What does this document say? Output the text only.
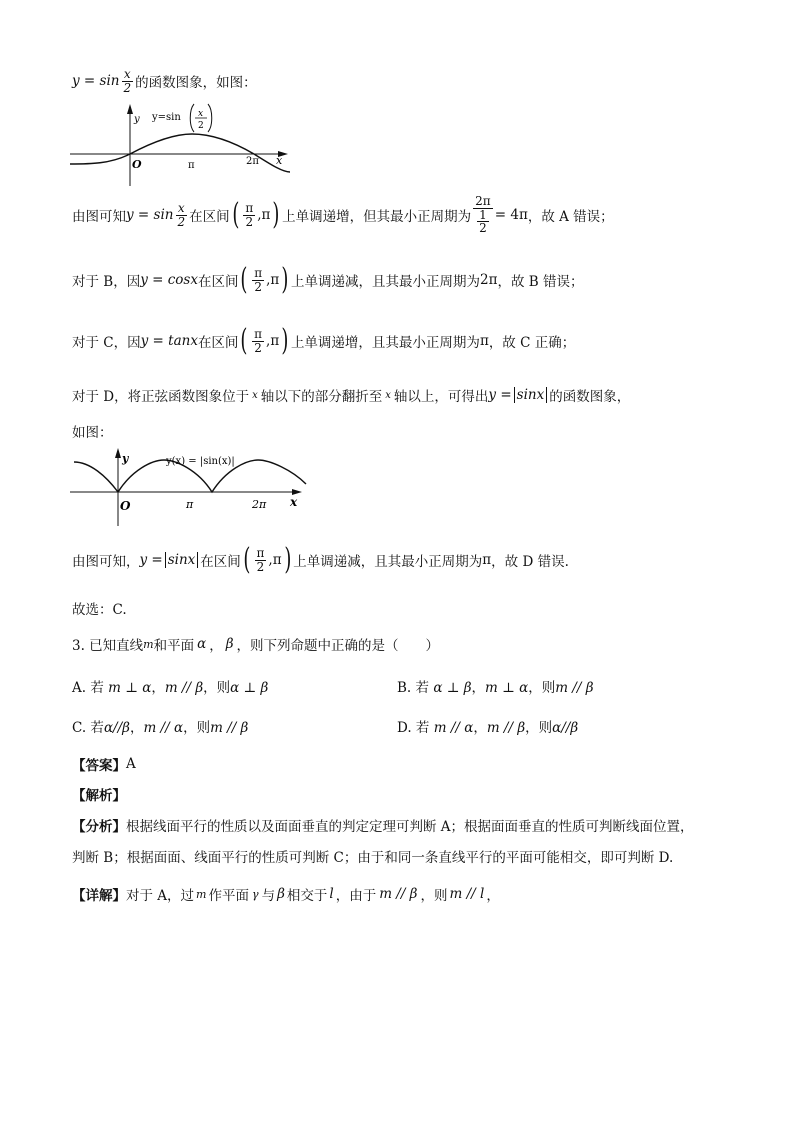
$y = \sin \frac{x}{2}$ 的函数图象，如图：
y
x
O	π	2π
y=sin x
2
由图可知 $y = \sin \frac{x}{2}$ 在区间 ( $\frac{\pi}{2} ,\pi$ ) 上单调递增，但其最小正周期为 $\frac{2\pi}{\frac{1}{2}} = 4\pi$ ，故 A 错误；
对于 B，因 y = cosx 在区间 ( $\frac{\pi}{2} ,\pi$ ) 上单调递减，且其最小正周期为 2π ，故 B 错误；
对于 C，因 y = tanx 在区间 ( $\frac{\pi}{2} ,\pi$ ) 上单调递增，且其最小正周期为 π ，故 C 正确；
对于 D，将正弦函数图象位于 x 轴以下的部分翻折至 x 轴以上，可得出 y = sinx 的函数图象，
如图：
y
x
O	π	2π
y(x) = |sin(x)|
由图可知， y = sinx 在区间 ( $\frac{\pi}{2} ,\pi$ ) 上单调递减，且其最小正周期为 π ，故 D 错误.
故选：C.
3. 已知直线 m 和平面 α ， β ，则下列命题中正确的是（　　）
A. 若 m ⊥ α，m // β，则α ⊥ β	B. 若 α ⊥ β，m ⊥ α，则m // β
C. 若α//β，m // α，则m // β	D. 若 m // α，m // β，则α//β
【答案】 A
【解析】
【分析】 根据线面平行的性质以及面面垂直的判定定理可判断 A；根据面面垂直的性质可判断线面位置，
判断 B；根据面面、线面平行的性质可判断 C；由于和同一条直线平行的平面可能相交，即可判断 D.
【详解】 对于 A，过 m 作平面 γ 与 β 相交于 l ，由于 m // β ，则 m // l ，
